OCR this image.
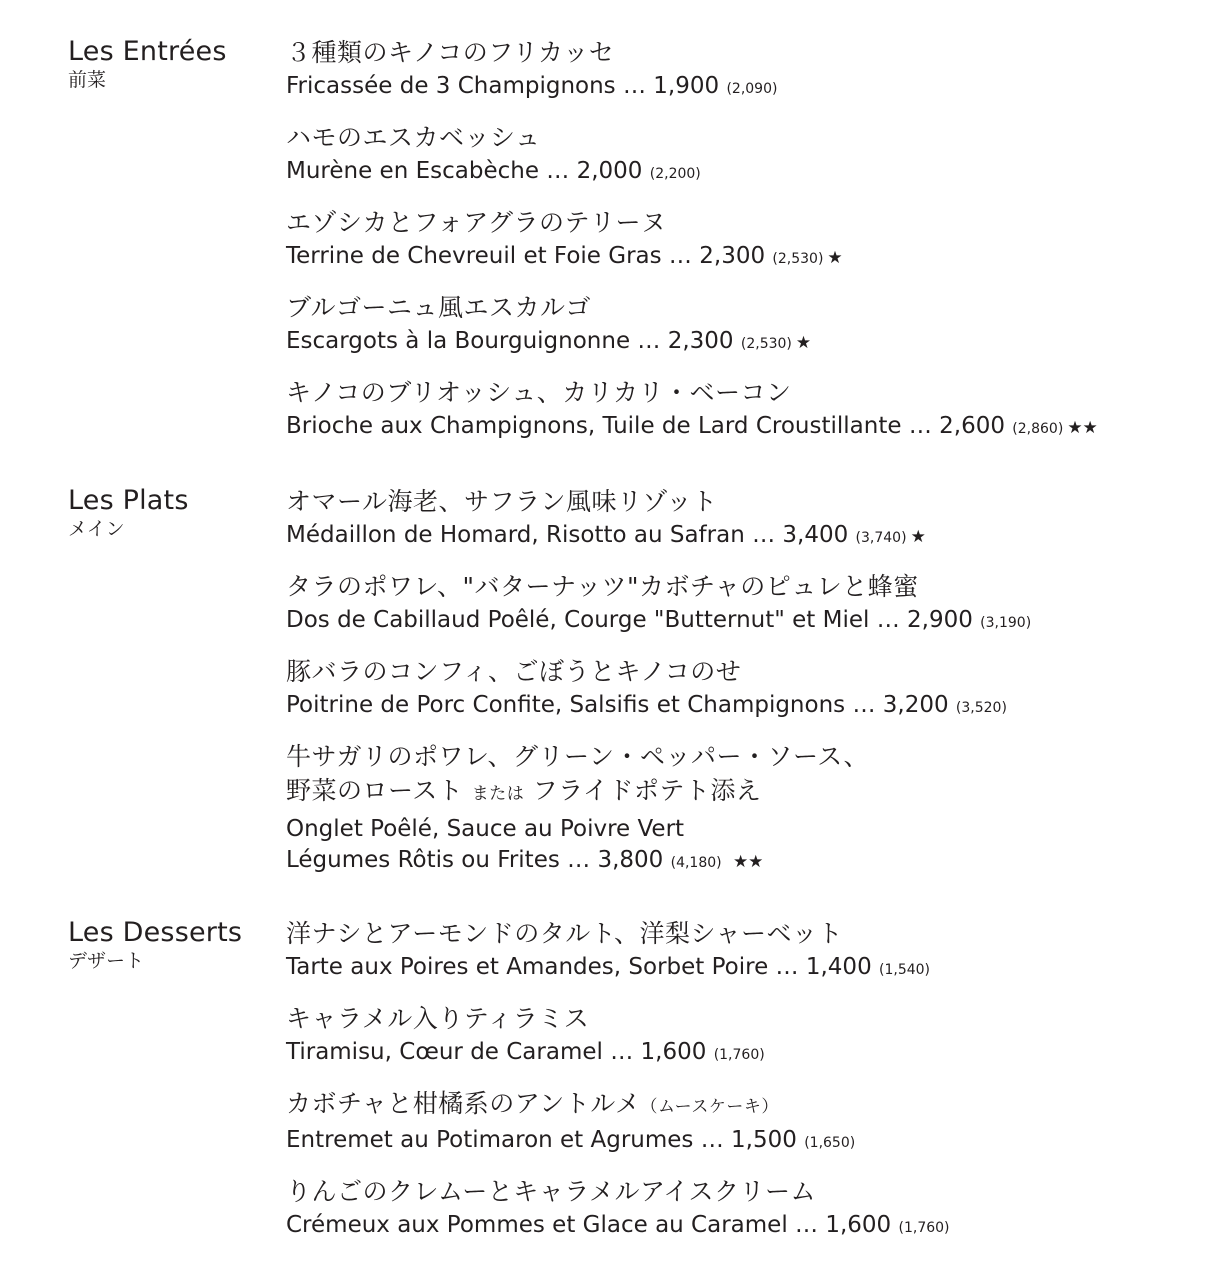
Les Entrées
前菜
３種類のキノコのフリカッセ
Fricassée de 3 Champignons … 1,900 (2,090)
ハモのエスカベッシュ
Murène en Escabèche … 2,000 (2,200)
エゾシカとフォアグラのテリーヌ
Terrine de Chevreuil et Foie Gras … 2,300 (2,530) ★
ブルゴーニュ風エスカルゴ
Escargots à la Bourguignonne … 2,300 (2,530) ★
キノコのブリオッシュ、カリカリ・ベーコン
Brioche aux Champignons, Tuile de Lard Croustillante … 2,600 (2,860) ★★
Les Plats
メイン
オマール海老、サフラン風味リゾット
Médaillon de Homard, Risotto au Safran … 3,400 (3,740) ★
タラのポワレ、"バターナッツ"カボチャのピュレと蜂蜜
Dos de Cabillaud Poêlé, Courge "Butternut" et Miel … 2,900 (3,190)
豚バラのコンフィ、ごぼうとキノコのせ
Poitrine de Porc Confite, Salsifis et Champignons … 3,200 (3,520)
牛サガリのポワレ、グリーン・ペッパー・ソース、
野菜のロースト または フライドポテト添え
Onglet Poêlé, Sauce au Poivre Vert
Légumes Rôtis ou Frites … 3,800 (4,180) ★★
Les Desserts
デザート
洋ナシとアーモンドのタルト、洋梨シャーベット
Tarte aux Poires et Amandes, Sorbet Poire … 1,400 (1,540)
キャラメル入りティラミス
Tiramisu, Cœur de Caramel … 1,600 (1,760)
カボチャと柑橘系のアントルメ（ムースケーキ）
Entremet au Potimaron et Agrumes … 1,500 (1,650)
りんごのクレムーとキャラメルアイスクリーム
Crémeux aux Pommes et Glace au Caramel … 1,600 (1,760)
